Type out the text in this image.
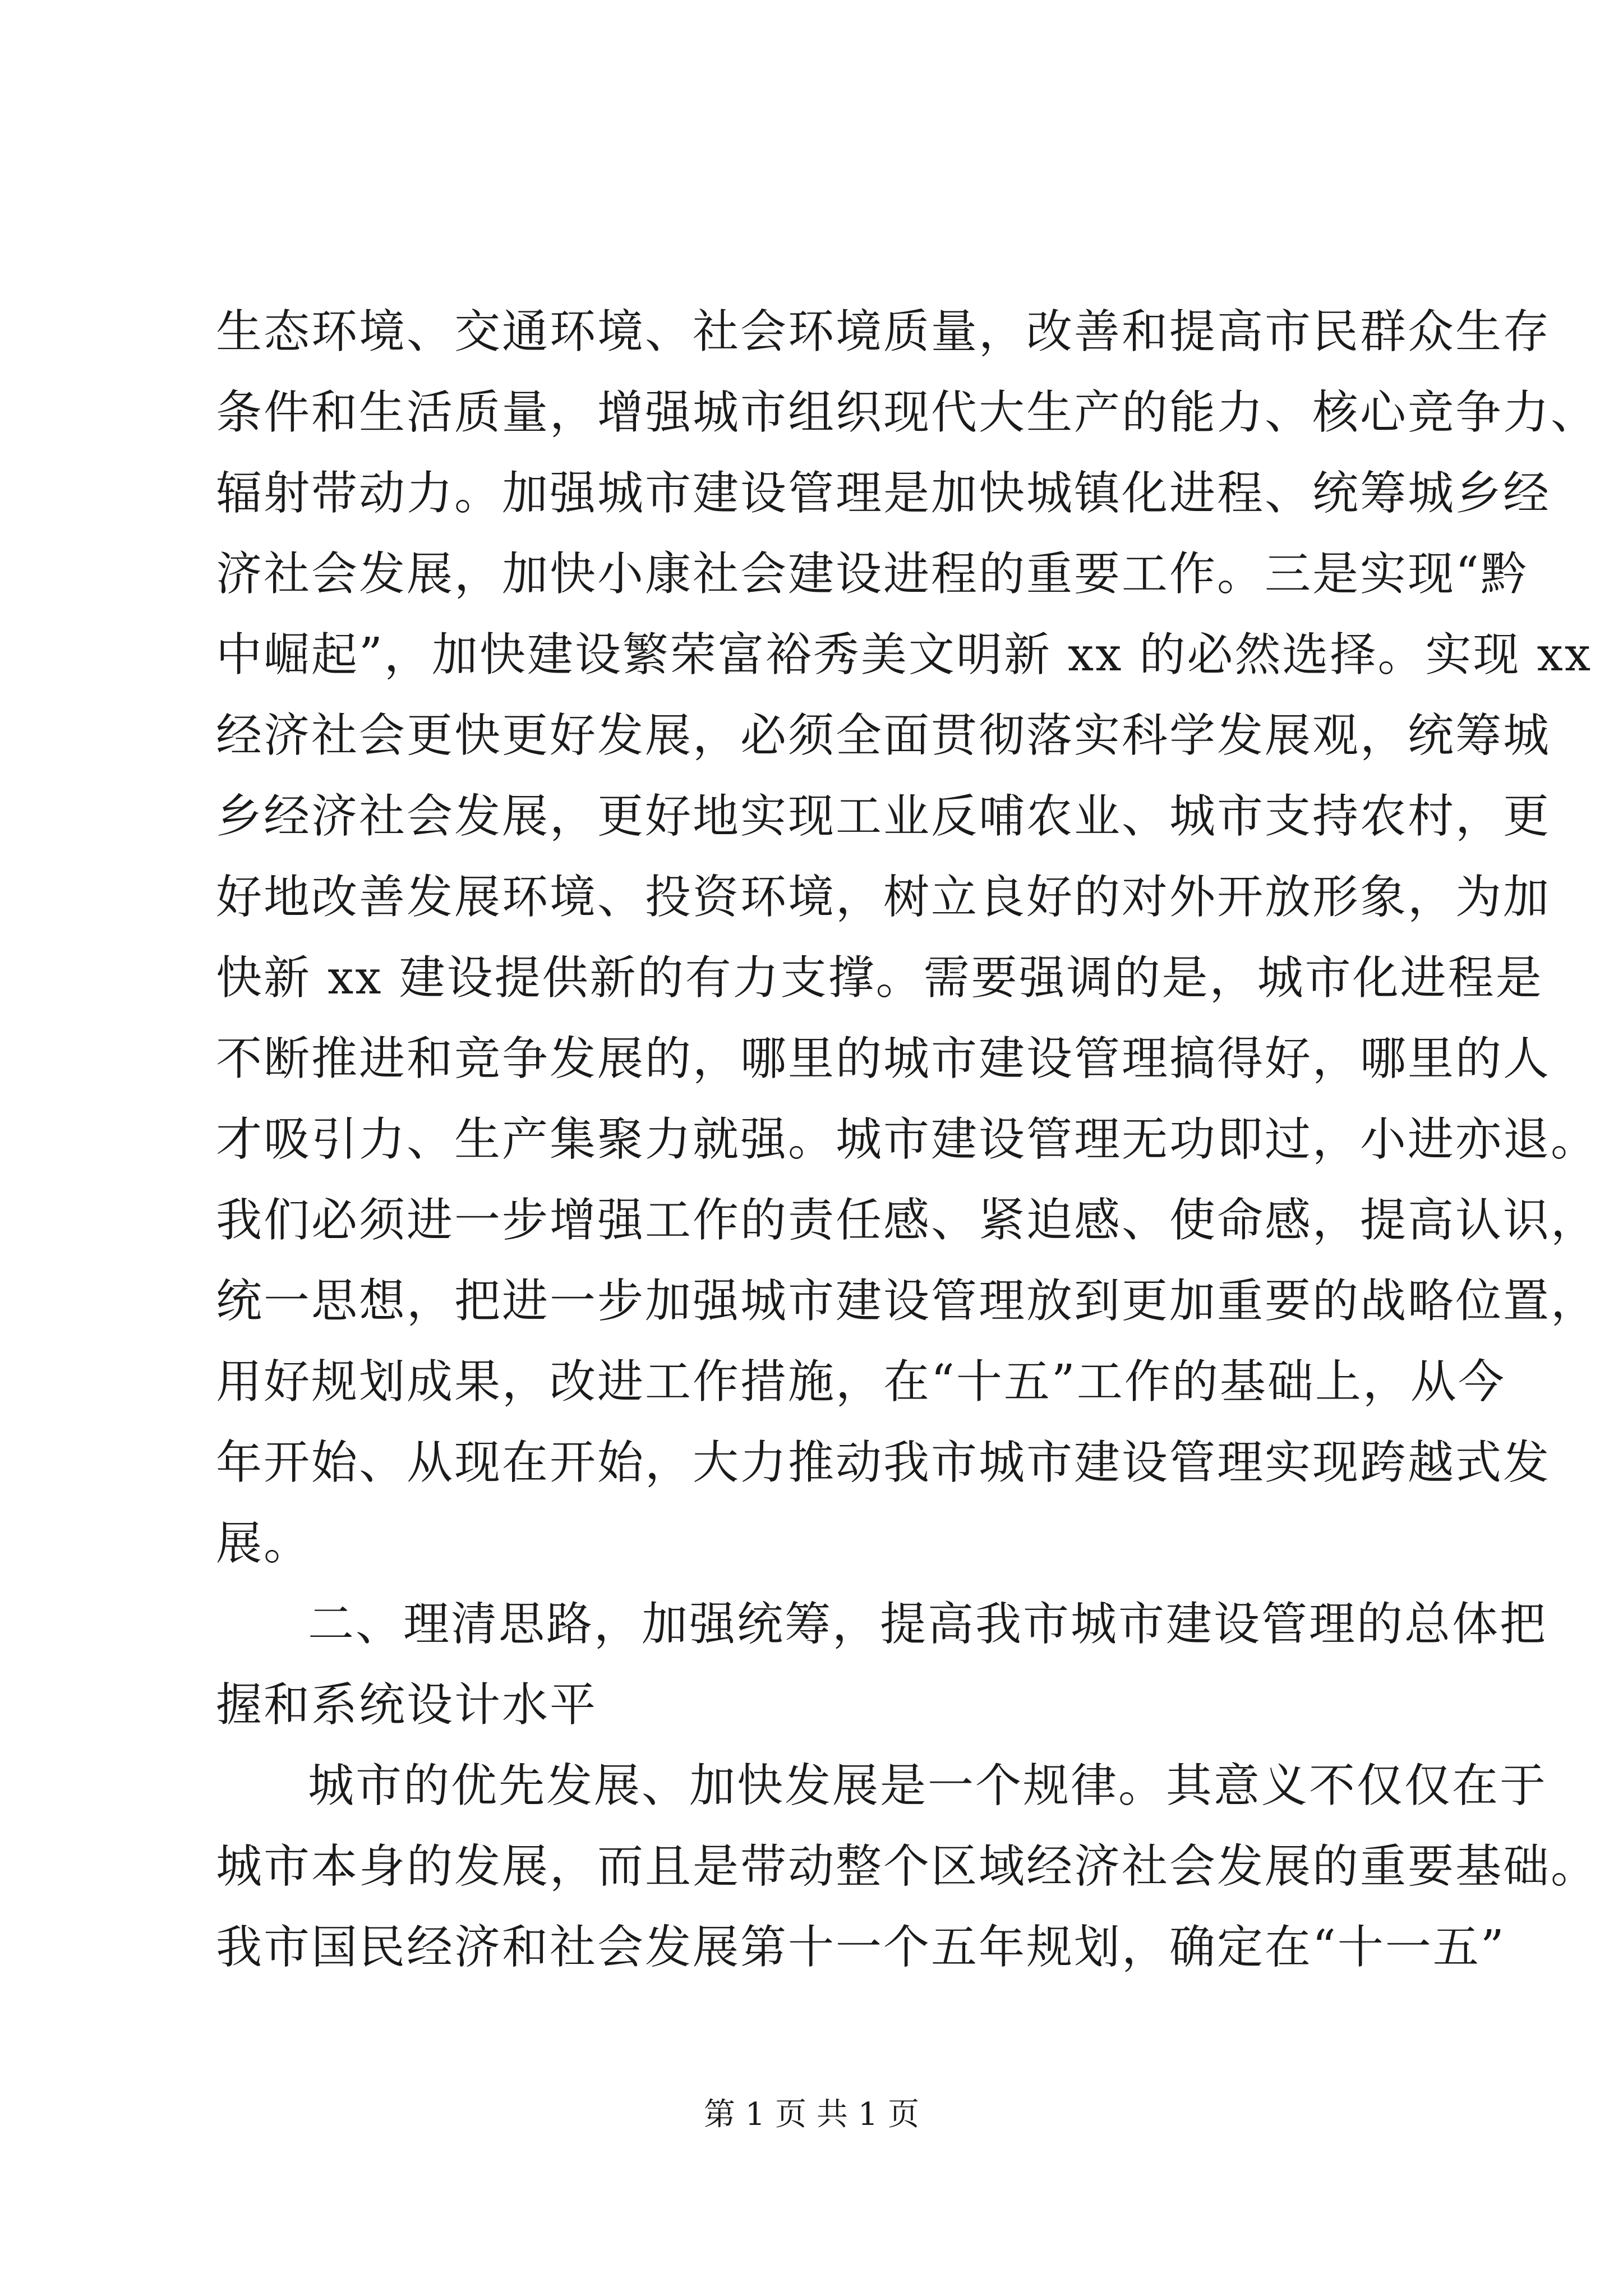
生态环境、交通环境、社会环境质量，改善和提高市民群众生存
条件和生活质量，增强城市组织现代大生产的能力、核心竞争力、
辐射带动力。加强城市建设管理是加快城镇化进程、统筹城乡经
济社会发展，加快小康社会建设进程的重要工作。三是实现“黔
中崛起”，加快建设繁荣富裕秀美文明新 xx 的必然选择。实现 xx
经济社会更快更好发展，必须全面贯彻落实科学发展观，统筹城
乡经济社会发展，更好地实现工业反哺农业、城市支持农村，更
好地改善发展环境、投资环境，树立良好的对外开放形象，为加
快新 xx 建设提供新的有力支撑。需要强调的是，城市化进程是
不断推进和竞争发展的，哪里的城市建设管理搞得好，哪里的人
才吸引力、生产集聚力就强。城市建设管理无功即过，小进亦退。
我们必须进一步增强工作的责任感、紧迫感、使命感，提高认识，
统一思想，把进一步加强城市建设管理放到更加重要的战略位置，
用好规划成果，改进工作措施，在“十五”工作的基础上，从今
年开始、从现在开始，大力推动我市城市建设管理实现跨越式发
展。
二、理清思路，加强统筹，提高我市城市建设管理的总体把
握和系统设计水平
城市的优先发展、加快发展是一个规律。其意义不仅仅在于
城市本身的发展，而且是带动整个区域经济社会发展的重要基础。
我市国民经济和社会发展第十一个五年规划，确定在“十一五”
第 1 页 共 1 页
